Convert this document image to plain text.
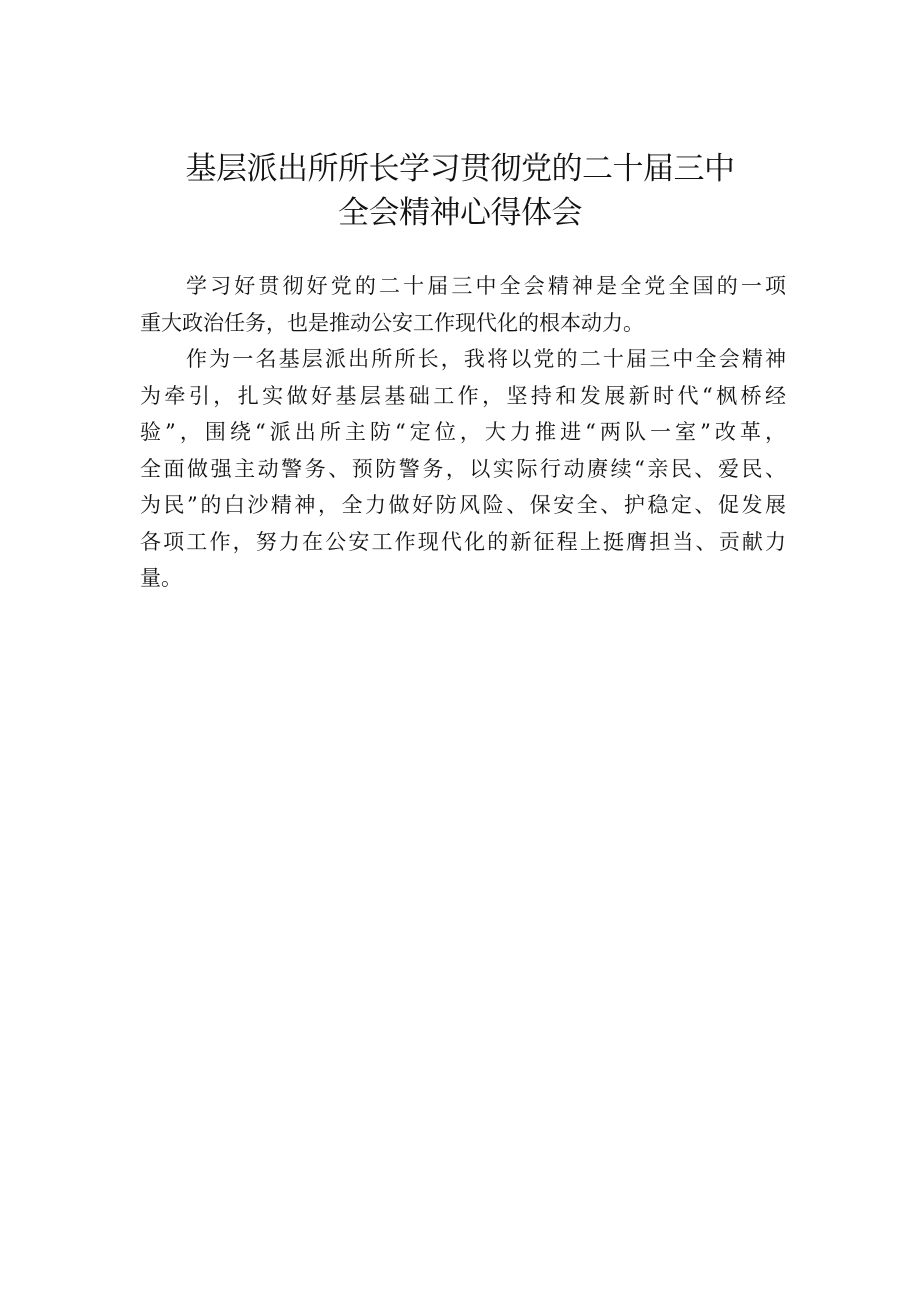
基层派出所所长学习贯彻党的二十届三中
全会精神心得体会
学习好贯彻好党的二十届三中全会精神是全党全国的一项
重大政治任务，也是推动公安工作现代化的根本动力。
作为一名基层派出所所长，我将以党的二十届三中全会精神
为牵引，扎实做好基层基础工作，坚持和发展新时代“枫桥经
验”，围绕“派出所主防“定位，大力推进“两队一室”改革，
全面做强主动警务、预防警务，以实际行动赓续“亲民、爱民、
为民”的白沙精神，全力做好防风险、保安全、护稳定、促发展
各项工作，努力在公安工作现代化的新征程上挺膺担当、贡献力
量。
